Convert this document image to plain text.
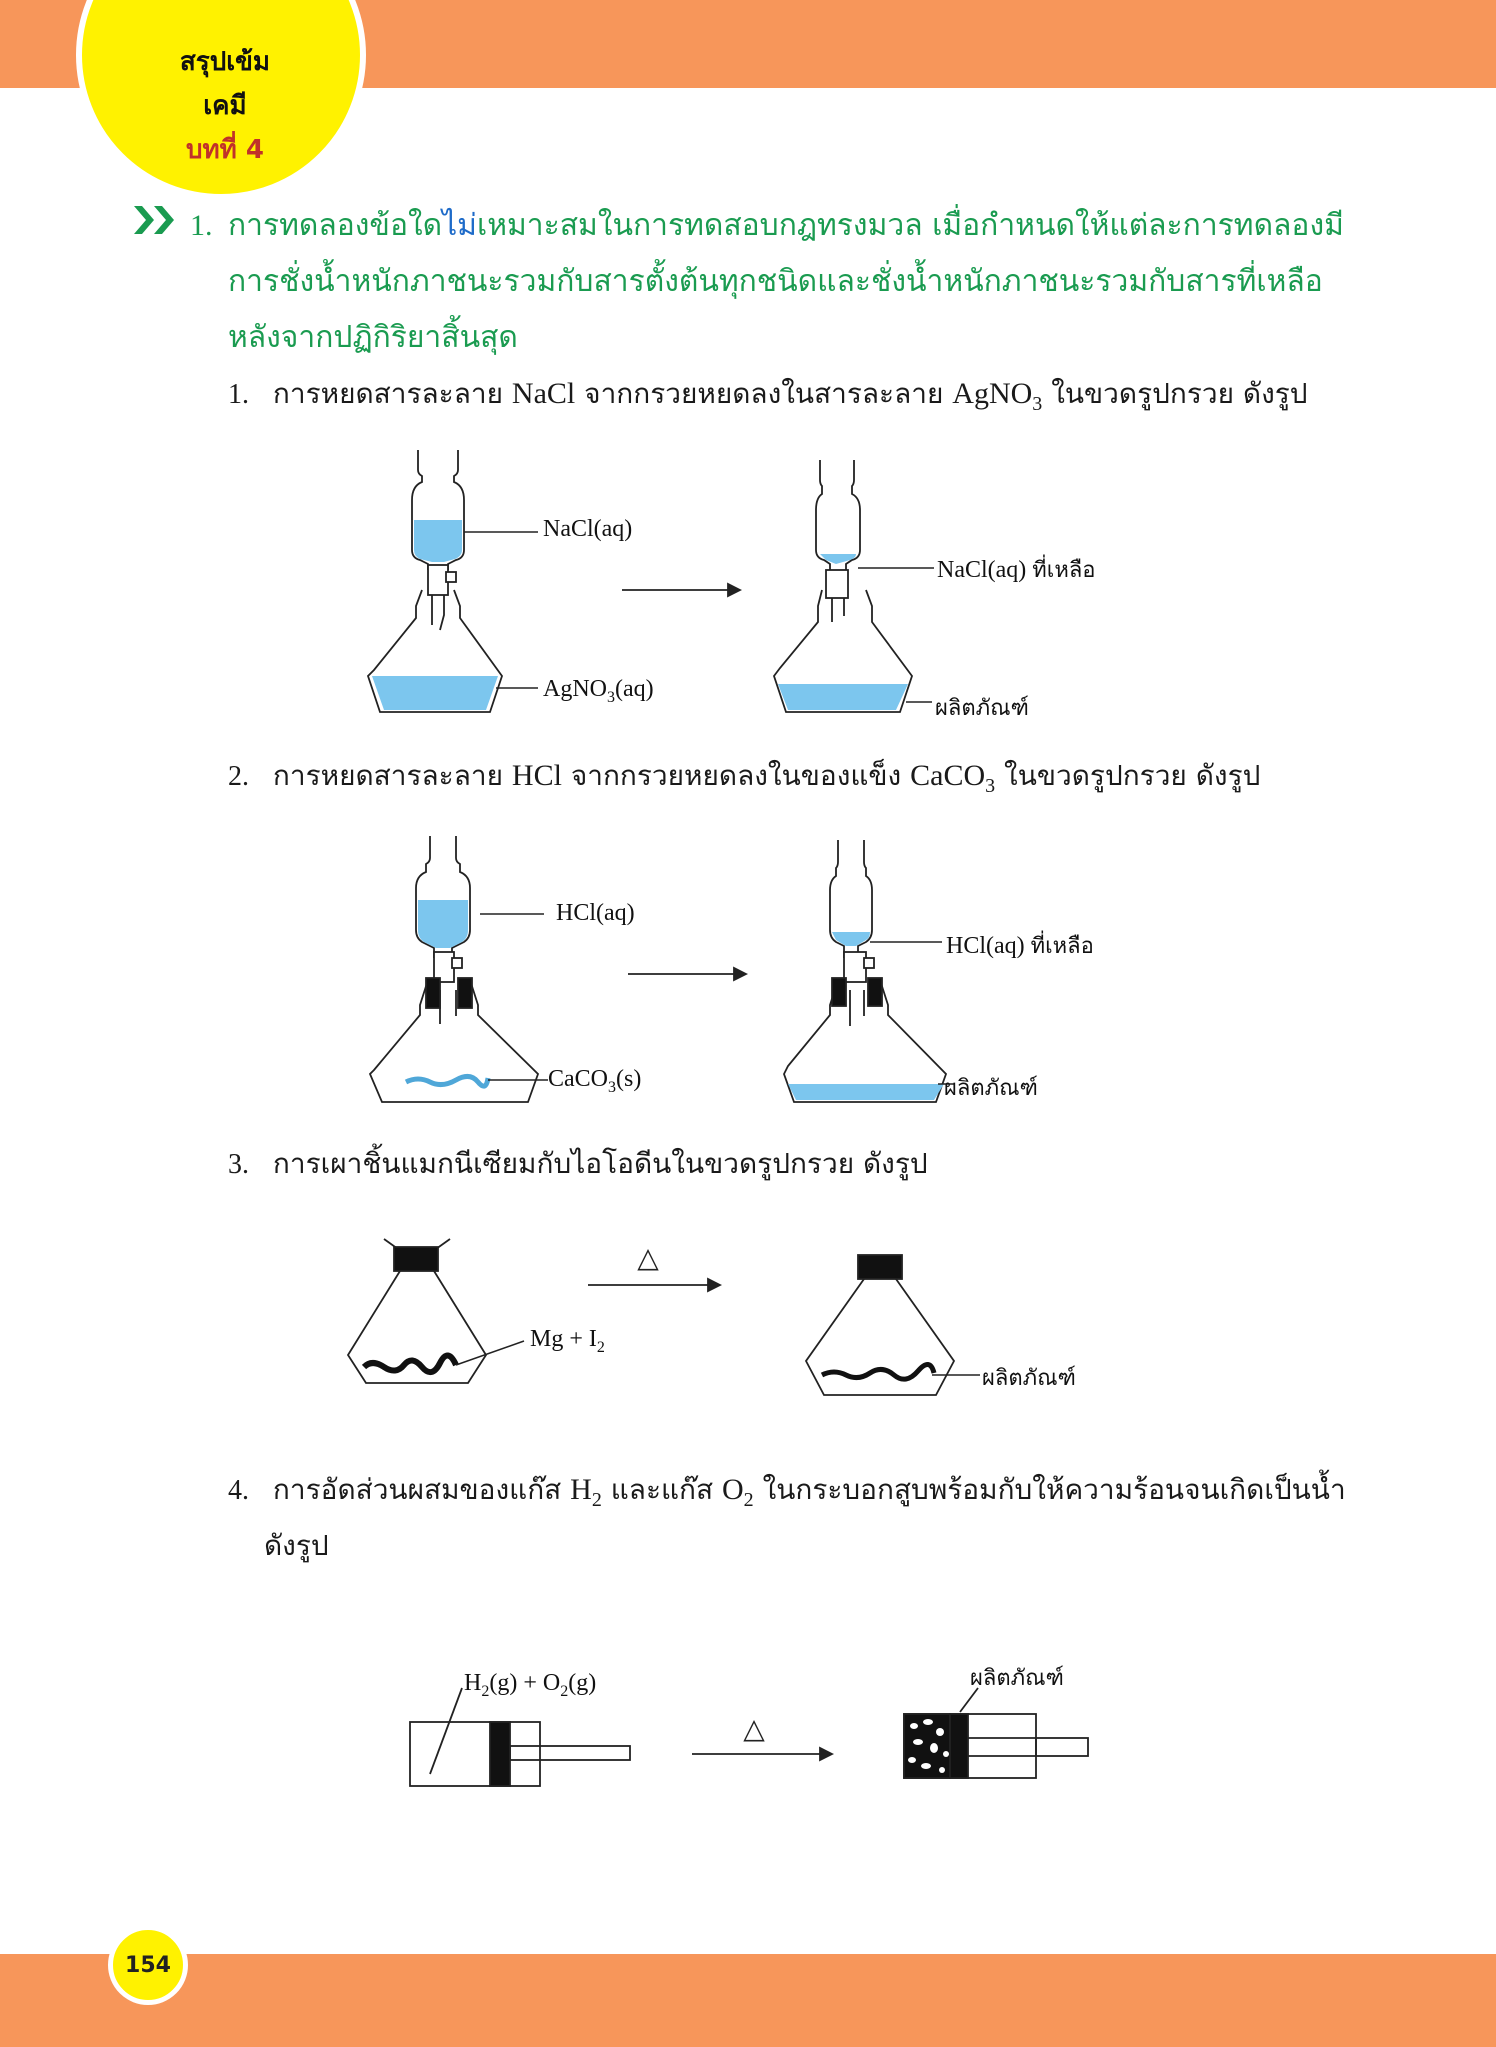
สรุปเข้ม
เคมี
บทที่ 4
1. การทดลองข้อใดไม่เหมาะสมในการทดสอบกฎทรงมวล เมื่อกำหนดให้แต่ละการทดลองมีการชั่งน้ำหนักภาชนะรวมกับสารตั้งต้นทุกชนิดและชั่งน้ำหนักภาชนะรวมกับสารที่เหลือหลังจากปฏิกิริยาสิ้นสุด
1. การหยดสารละลาย NaCl จากกรวยหยดลงในสารละลาย AgNO$_3$ ในขวดรูปกรวย ดังรูป
NaCl(aq)
AgNO$_3$(aq)
NaCl(aq) ที่เหลือ
ผลิตภัณฑ์
2. การหยดสารละลาย HCl จากกรวยหยดลงในของแข็ง CaCO$_3$ ในขวดรูปกรวย ดังรูป
HCl(aq)
CaCO$_3$(s)
HCl(aq) ที่เหลือ
ผลิตภัณฑ์
3. การเผาชิ้นแมกนีเซียมกับไอโอดีนในขวดรูปกรวย ดังรูป
△
$Mg + I_2$
ผลิตภัณฑ์
4. การอัดส่วนผสมของแก๊ส $H_2$ และแก๊ส $O_2$ ในกระบอกสูบพร้อมกับให้ความร้อนจนเกิดเป็นน้ำ
ดังรูป
△
$H_2(g) + O_2(g)$	ผลิตภัณฑ์
154
